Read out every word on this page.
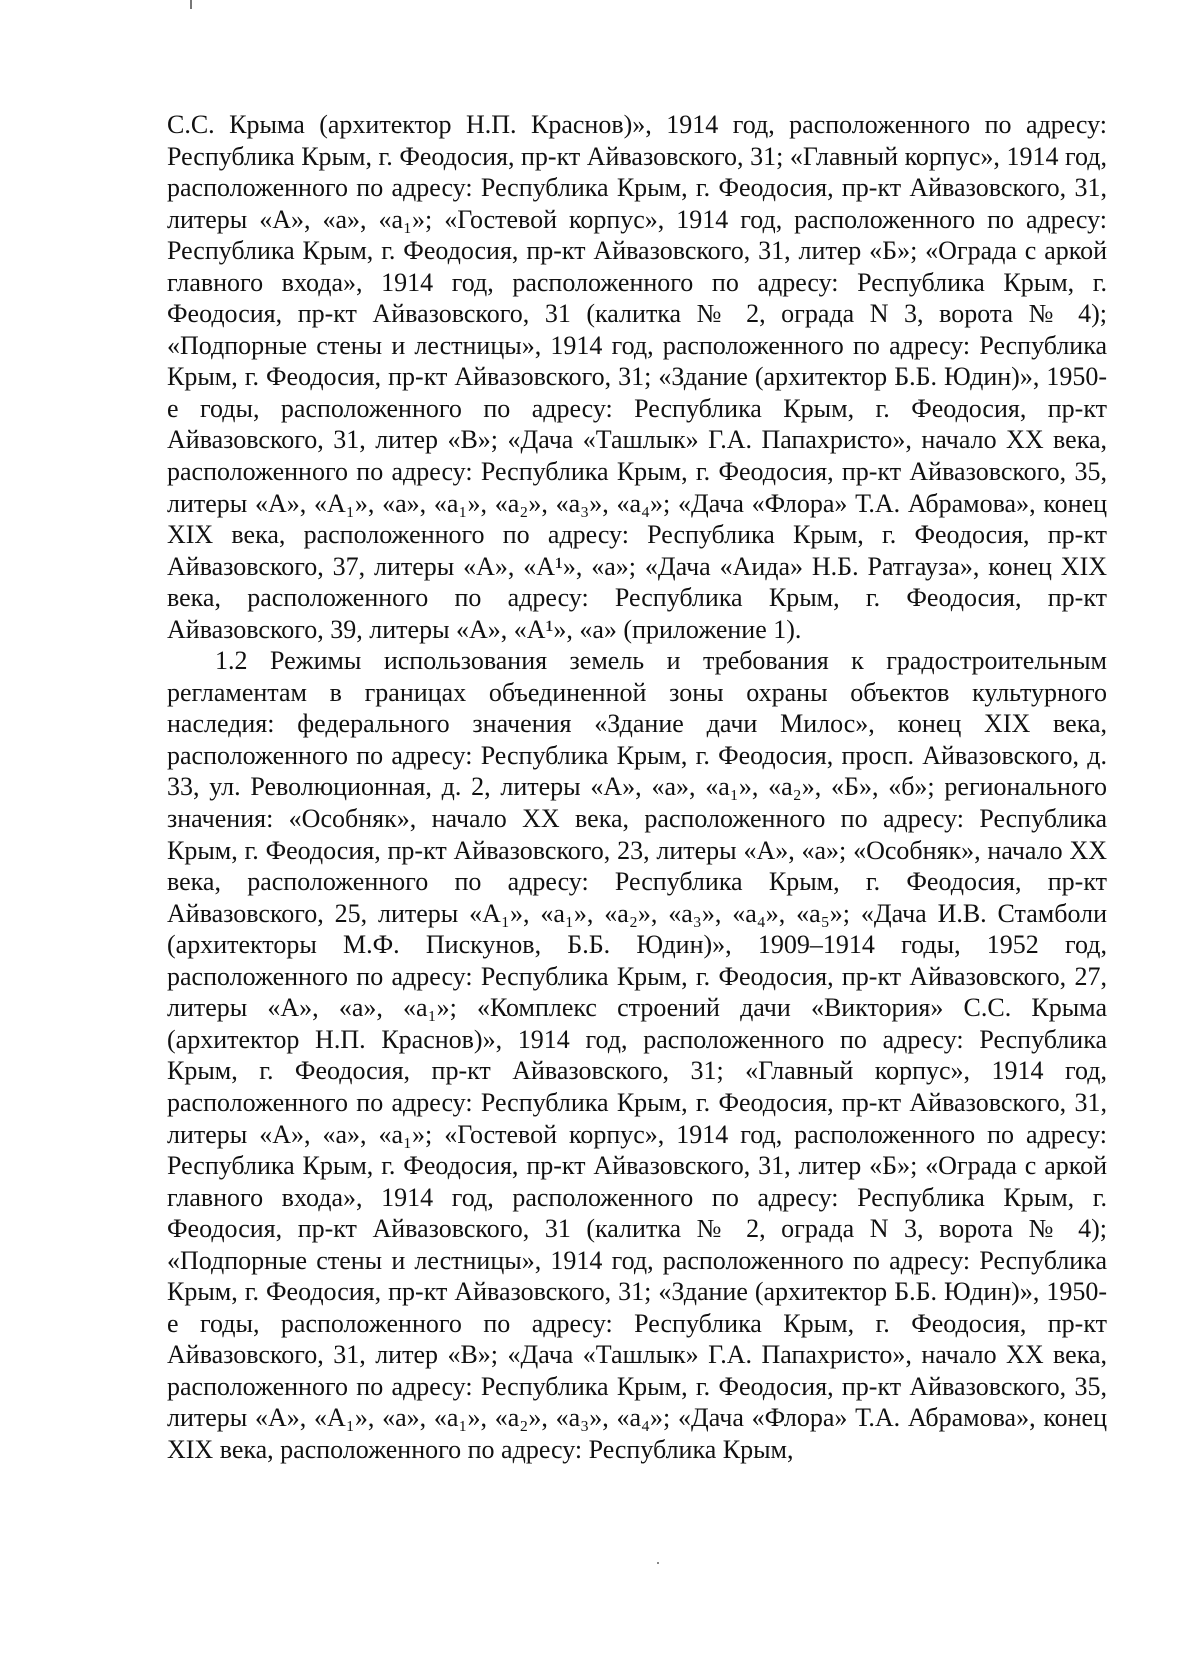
С.С. Крыма (архитектор Н.П. Краснов)», 1914 год, расположенного по адресу: Республика Крым, г. Феодосия, пр-кт Айвазовского, 31; «Главный корпус», 1914 год, расположенного по адресу: Республика Крым, г. Феодосия, пр-кт Айвазовского, 31, литеры «А», «а», «а₁»; «Гостевой корпус», 1914 год, расположенного по адресу: Республика Крым, г. Феодосия, пр-кт Айвазовского, 31, литер «Б»; «Ограда с аркой главного входа», 1914 год, расположенного по адресу: Республика Крым, г. Феодосия, пр-кт Айвазовского, 31 (калитка № 2, ограда N 3, ворота № 4); «Подпорные стены и лестницы», 1914 год, расположенного по адресу: Республика Крым, г. Феодосия, пр-кт Айвазовского, 31; «Здание (архитектор Б.Б. Юдин)», 1950-е годы, расположенного по адресу: Республика Крым, г. Феодосия, пр-кт Айвазовского, 31, литер «В»; «Дача «Ташлык» Г.А. Папахристо», начало XX века, расположенного по адресу: Республика Крым, г. Феодосия, пр-кт Айвазовского, 35, литеры «А», «А₁», «а», «а₁», «а₂», «а₃», «а₄»; «Дача «Флора» Т.А. Абрамова», конец XIX века, расположенного по адресу: Республика Крым, г. Феодосия, пр-кт Айвазовского, 37, литеры «А», «А¹», «а»; «Дача «Аида» Н.Б. Ратгауза», конец XIX века, расположенного по адресу: Республика Крым, г. Феодосия, пр-кт Айвазовского, 39, литеры «А», «А¹», «а» (приложение 1).

1.2 Режимы использования земель и требования к градостроительным регламентам в границах объединенной зоны охраны объектов культурного наследия: федерального значения «Здание дачи Милос», конец XIX века, расположенного по адресу: Республика Крым, г. Феодосия, просп. Айвазовского, д. 33, ул. Революционная, д. 2, литеры «А», «а», «а₁», «а₂», «Б», «б»; регионального значения: «Особняк», начало XX века, расположенного по адресу: Республика Крым, г. Феодосия, пр-кт Айвазовского, 23, литеры «А», «а»; «Особняк», начало XX века, расположенного по адресу: Республика Крым, г. Феодосия, пр-кт Айвазовского, 25, литеры «А₁», «а₁», «а₂», «а₃», «а₄», «а₅»; «Дача И.В. Стамболи (архитекторы М.Ф. Пискунов, Б.Б. Юдин)», 1909–1914 годы, 1952 год, расположенного по адресу: Республика Крым, г. Феодосия, пр-кт Айвазовского, 27, литеры «А», «а», «а₁»; «Комплекс строений дачи «Виктория» С.С. Крыма (архитектор Н.П. Краснов)», 1914 год, расположенного по адресу: Республика Крым, г. Феодосия, пр-кт Айвазовского, 31; «Главный корпус», 1914 год, расположенного по адресу: Республика Крым, г. Феодосия, пр-кт Айвазовского, 31, литеры «А», «а», «а₁»; «Гостевой корпус», 1914 год, расположенного по адресу: Республика Крым, г. Феодосия, пр-кт Айвазовского, 31, литер «Б»; «Ограда с аркой главного входа», 1914 год, расположенного по адресу: Республика Крым, г. Феодосия, пр-кт Айвазовского, 31 (калитка № 2, ограда N 3, ворота № 4); «Подпорные стены и лестницы», 1914 год, расположенного по адресу: Республика Крым, г. Феодосия, пр-кт Айвазовского, 31; «Здание (архитектор Б.Б. Юдин)», 1950-е годы, расположенного по адресу: Республика Крым, г. Феодосия, пр-кт Айвазовского, 31, литер «В»; «Дача «Ташлык» Г.А. Папахристо», начало XX века, расположенного по адресу: Республика Крым, г. Феодосия, пр-кт Айвазовского, 35, литеры «А», «А₁», «а», «а₁», «а₂», «а₃», «а₄»; «Дача «Флора» Т.А. Абрамова», конец XIX века, расположенного по адресу: Республика Крым,
